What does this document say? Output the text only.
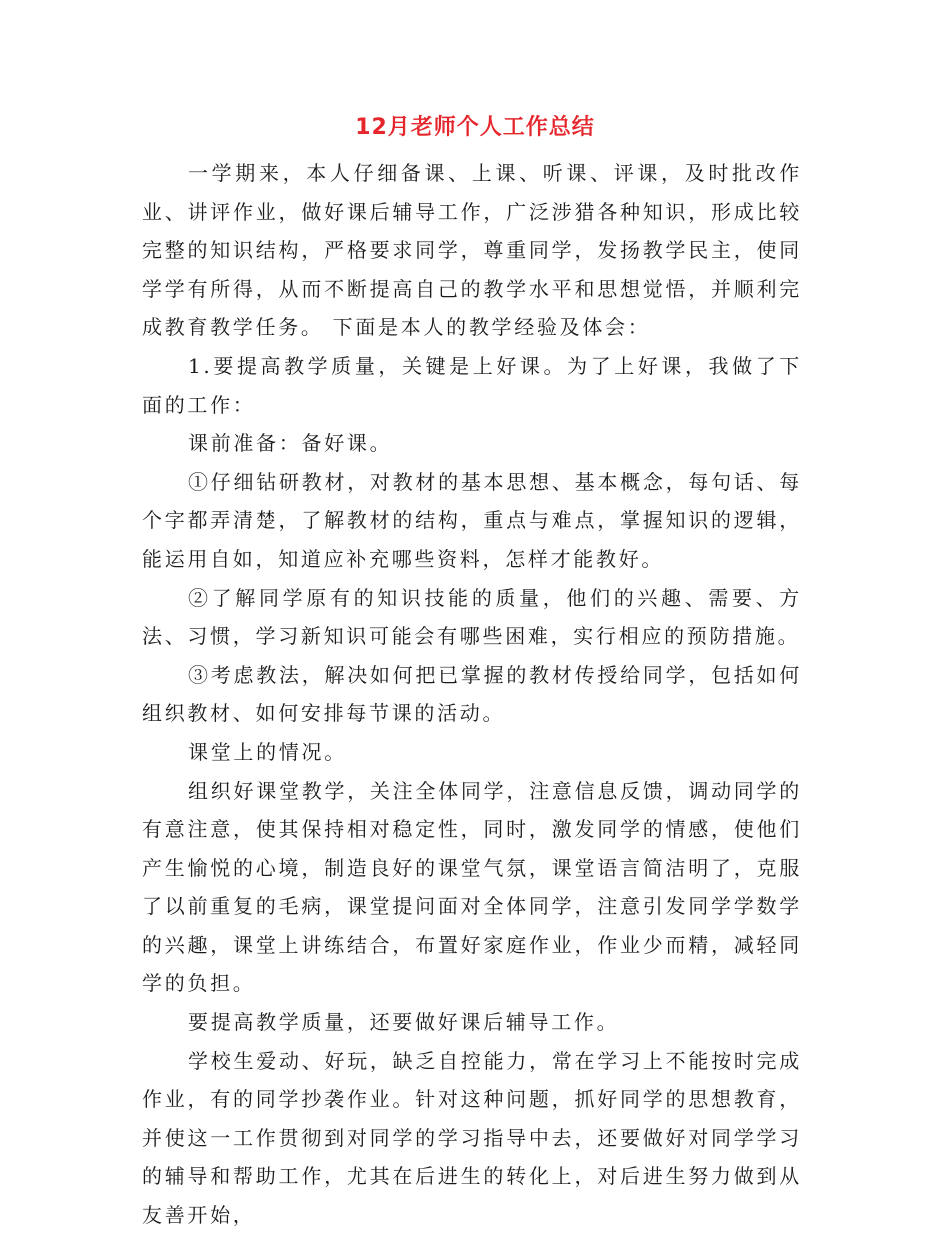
12月老师个人工作总结

一学期来，本人仔细备课、上课、听课、评课，及时批改作业、讲评作业，做好课后辅导工作，广泛涉猎各种知识，形成比较完整的知识结构，严格要求同学，尊重同学，发扬教学民主，使同学学有所得，从而不断提高自己的教学水平和思想觉悟，并顺利完成教育教学任务。 下面是本人的教学经验及体会：

1.要提高教学质量，关键是上好课。为了上好课，我做了下面的工作：

课前准备：备好课。

①仔细钻研教材，对教材的基本思想、基本概念，每句话、每个字都弄清楚，了解教材的结构，重点与难点，掌握知识的逻辑，能运用自如，知道应补充哪些资料，怎样才能教好。

②了解同学原有的知识技能的质量，他们的兴趣、需要、方法、习惯，学习新知识可能会有哪些困难，实行相应的预防措施。

③考虑教法，解决如何把已掌握的教材传授给同学，包括如何组织教材、如何安排每节课的活动。

课堂上的情况。

组织好课堂教学，关注全体同学，注意信息反馈，调动同学的有意注意，使其保持相对稳定性，同时，激发同学的情感，使他们产生愉悦的心境，制造良好的课堂气氛，课堂语言简洁明了，克服了以前重复的毛病，课堂提问面对全体同学，注意引发同学学数学的兴趣，课堂上讲练结合，布置好家庭作业，作业少而精，减轻同学的负担。

要提高教学质量，还要做好课后辅导工作。

学校生爱动、好玩，缺乏自控能力，常在学习上不能按时完成作业，有的同学抄袭作业。针对这种问题，抓好同学的思想教育，并使这一工作贯彻到对同学的学习指导中去，还要做好对同学学习的辅导和帮助工作，尤其在后进生的转化上，对后进生努力做到从友善开始，
